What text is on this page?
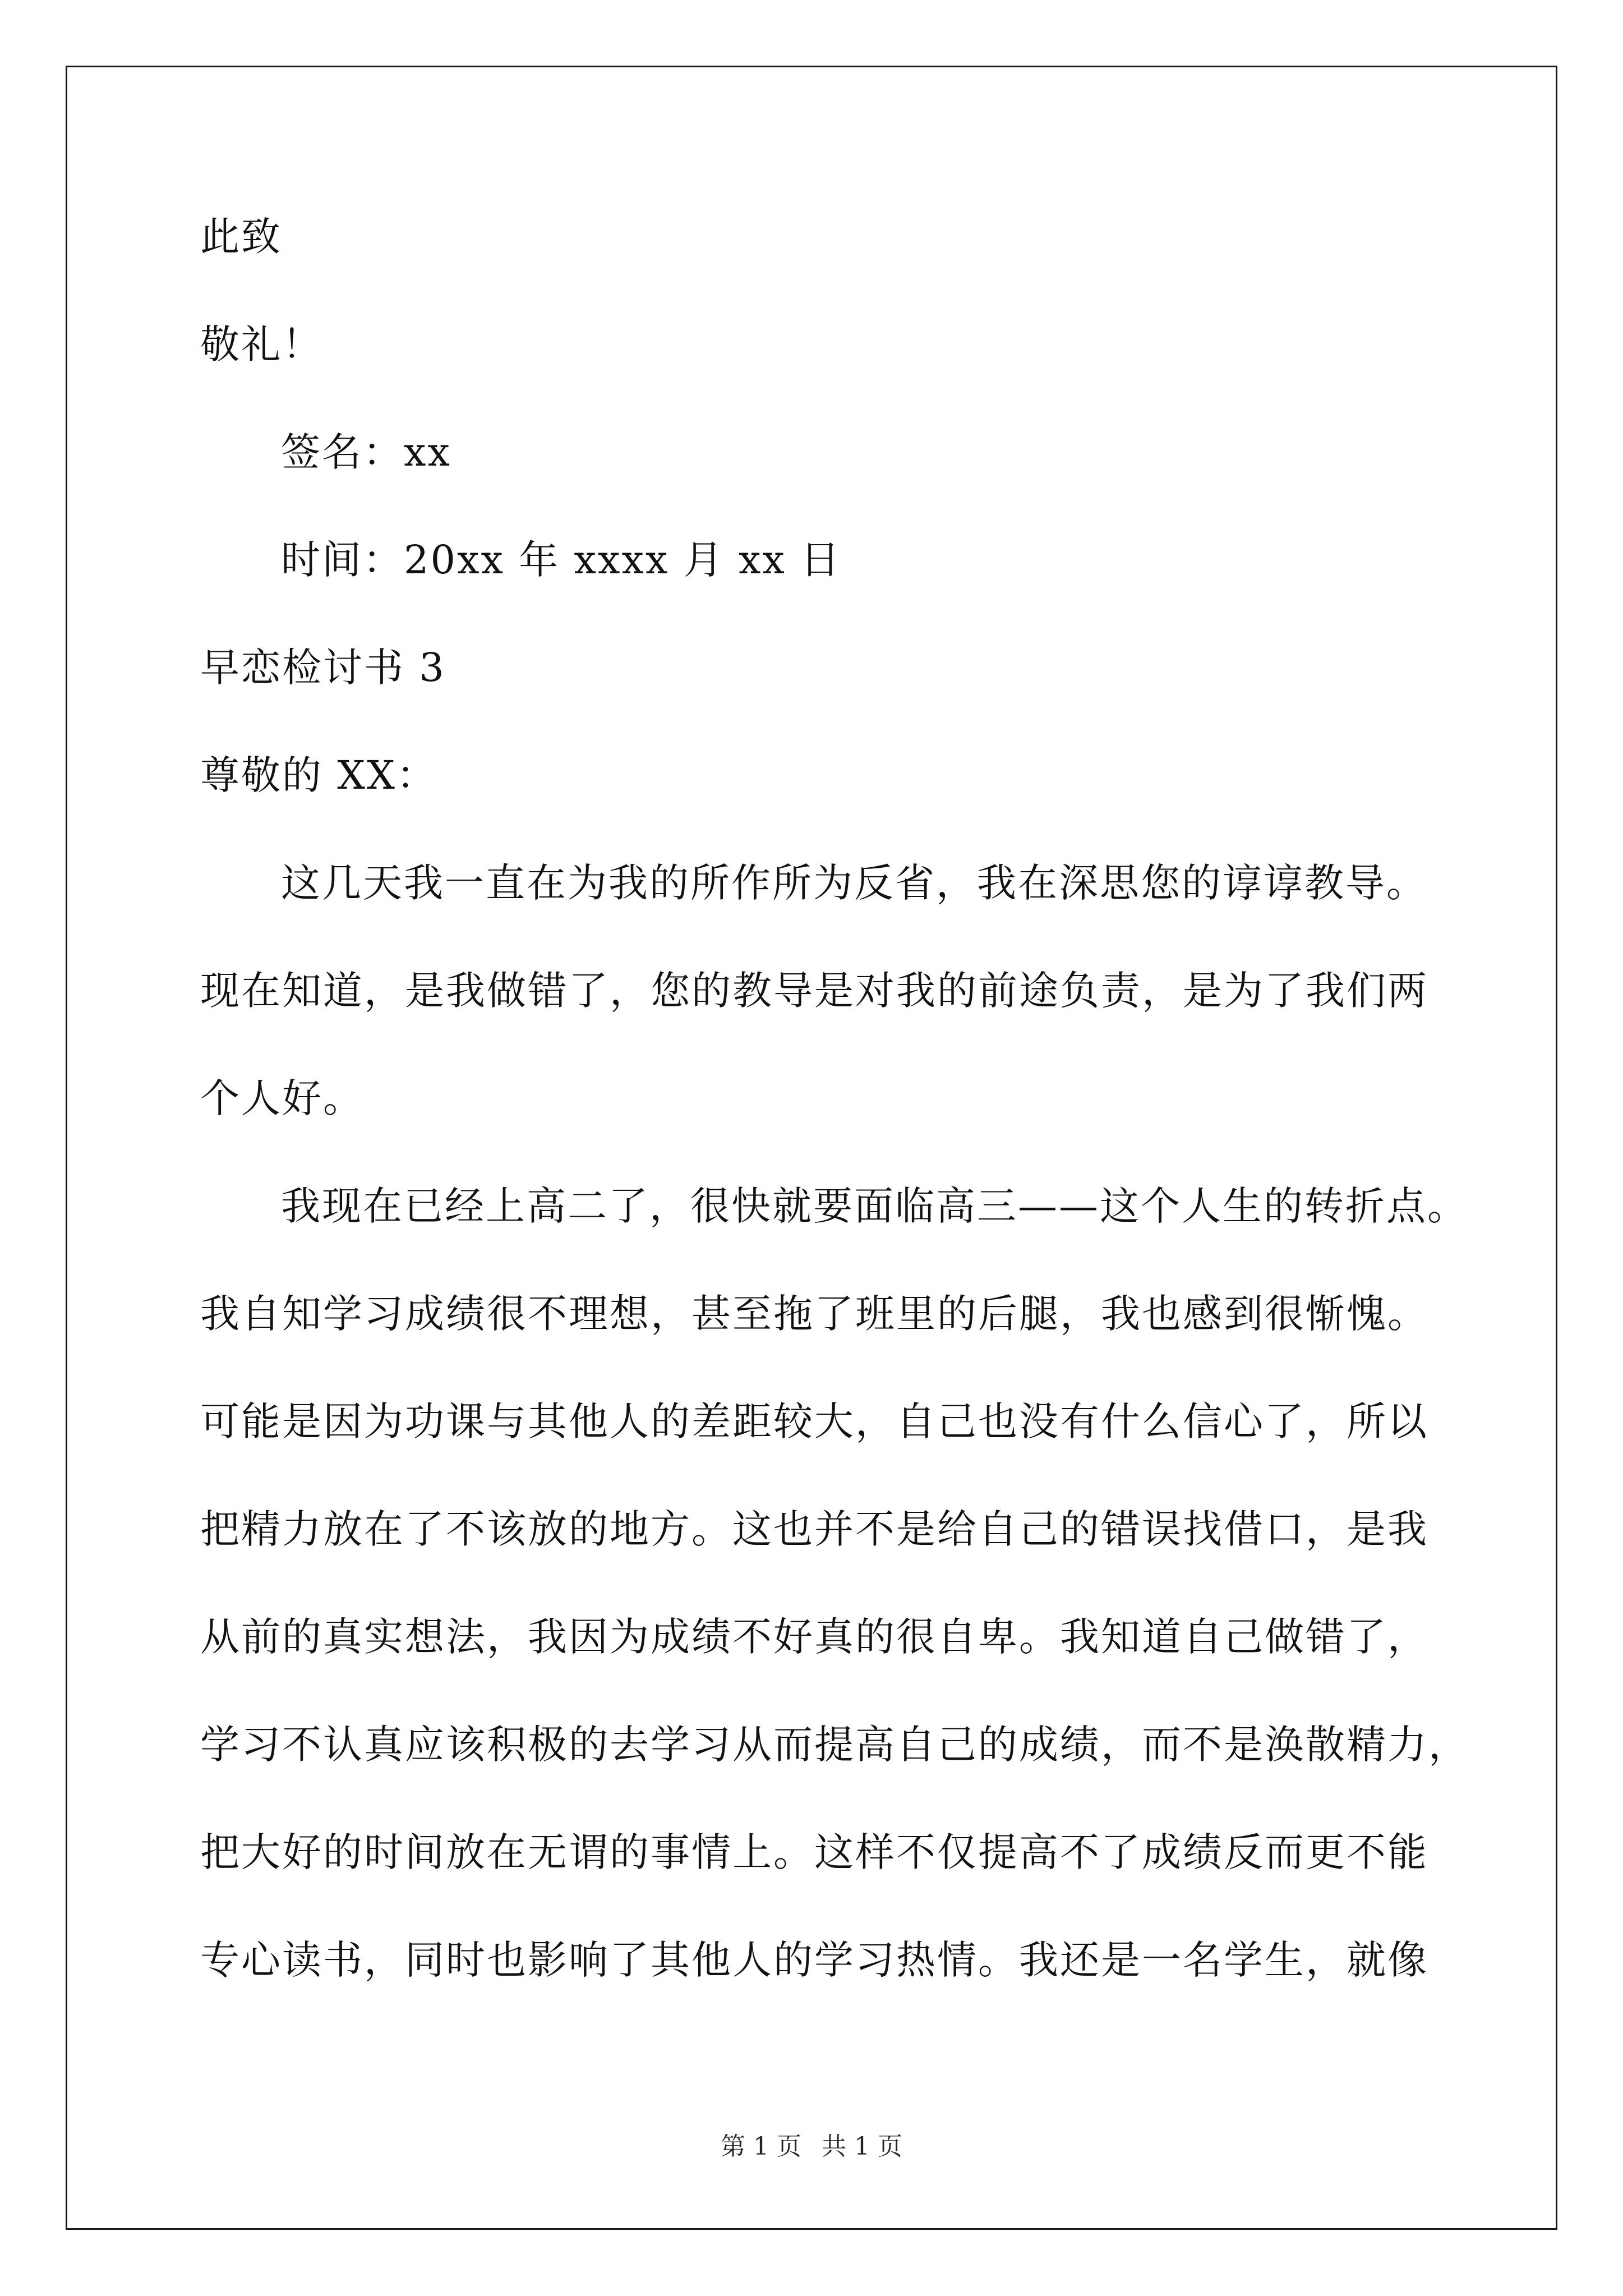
此致
敬礼！
签名：xx
时间：20xx 年 xxxx 月 xx 日
早恋检讨书 3
尊敬的 XX：
这几天我一直在为我的所作所为反省，我在深思您的谆谆教导。
现在知道，是我做错了，您的教导是对我的前途负责，是为了我们两
个人好。
我现在已经上高二了，很快就要面临高三——这个人生的转折点。
我自知学习成绩很不理想，甚至拖了班里的后腿，我也感到很惭愧。
可能是因为功课与其他人的差距较大，自己也没有什么信心了，所以
把精力放在了不该放的地方。这也并不是给自己的错误找借口，是我
从前的真实想法，我因为成绩不好真的很自卑。我知道自己做错了，
学习不认真应该积极的去学习从而提高自己的成绩，而不是涣散精力，
把大好的时间放在无谓的事情上。这样不仅提高不了成绩反而更不能
专心读书，同时也影响了其他人的学习热情。我还是一名学生，就像
第 1 页 共 1 页
